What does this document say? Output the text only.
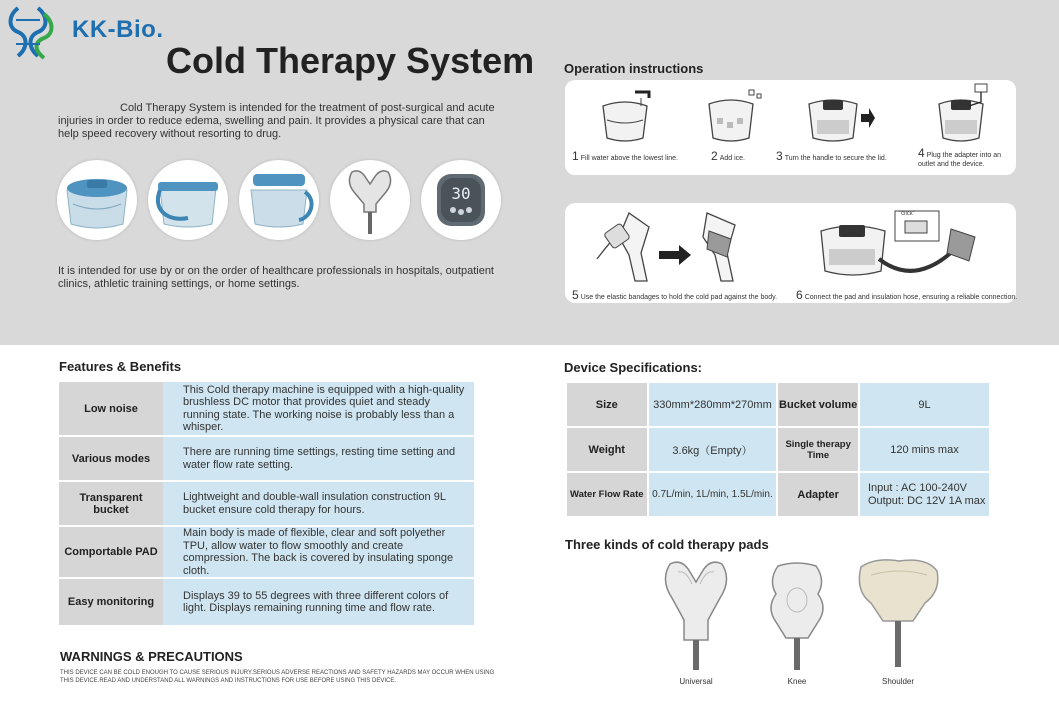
KK-Bio.
Cold Therapy System

Cold Therapy System is intended for the treatment of post-surgical and acute injuries in order to reduce edema, swelling and pain. It provides a physical care that can help speed recovery without resorting to drug.

30

It is intended for use by or on the order of healthcare professionals in hospitals, outpatient clinics, athletic training settings, or home settings.

Operation instructions
1 Fill water above the lowest line.	2 Add ice.	3 Turn the handle to secure the lid.	4 Plug the adapter into an outlet and the device.
"click"
5 Use the elastic bandages to hold the cold pad against the body. 6 Connect the pad and insulation hose, ensuring a reliable connection.
Features & Benefits
Low noise	This Cold therapy machine is equipped with a high-quality brushless DC motor that provides quiet and steady running state. The working noise is probably less than a whisper.
Various modes	There are running time settings, resting time setting and water flow rate setting.
Transparent bucket	Lightweight and double-wall insulation construction 9L bucket ensure cold therapy for hours.
Comportable PAD	Main body is made of flexible, clear and soft polyether TPU, allow water to flow smoothly and create compression. The back is covered by insulating sponge cloth.
Easy monitoring	Displays 39 to 55 degrees with three different colors of light. Displays remaining running time and flow rate.
WARNINGS & PRECAUTIONS

THIS DEVICE CAN BE COLD ENOUGH TO CAUSE SERIOUS INJURY.SERIOUS ADVERSE REACTIONS AND SAFETY HAZARDS MAY OCCUR WHEN USING THIS DEVICE.READ AND UNDERSTAND ALL WARNINGS AND INSTRUCTIONS FOR USE BEFORE USING THIS DEVICE.

Device Specifications:
Size	330mm*280mm*270mm	Bucket volume	9L
Weight	3.6kg（Empty）	Single therapy Time	120 mins max
Water Flow Rate	0.7L/min, 1L/min, 1.5L/min.	Adapter	Input : AC 100-240V
Output: DC 12V 1A max
Three kinds of cold therapy pads
Universal	Knee	Shoulder
